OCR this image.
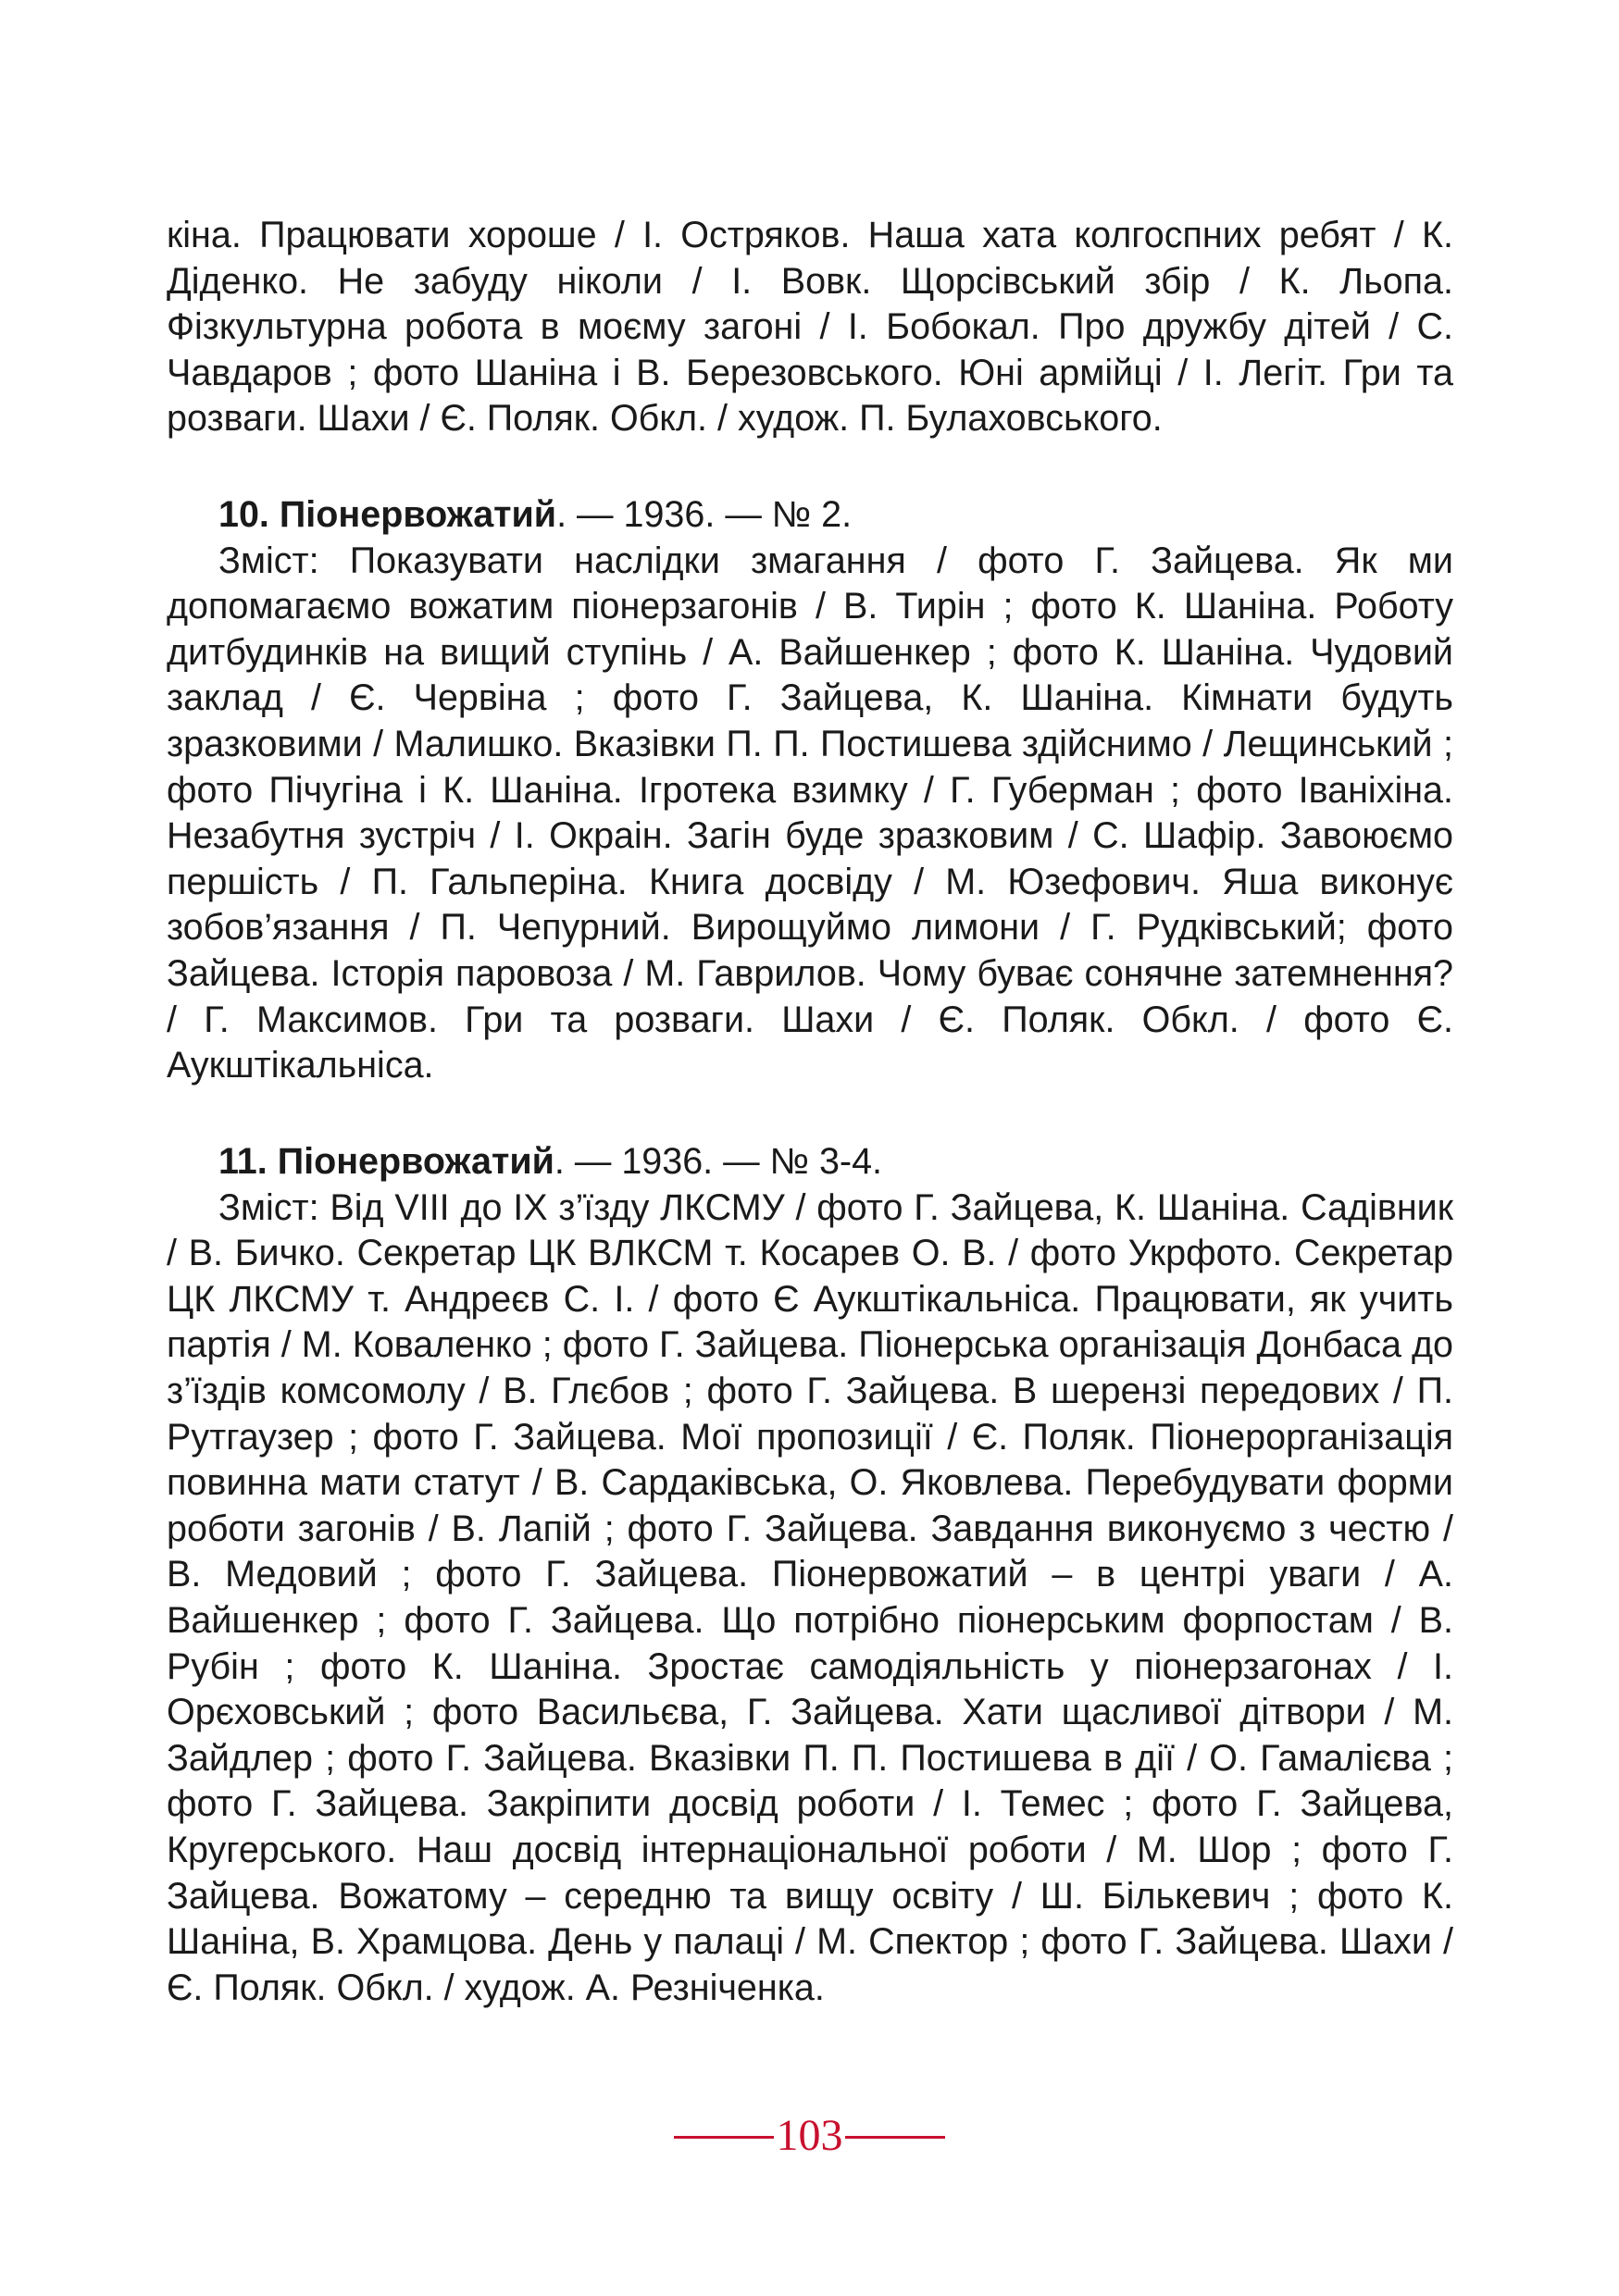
кіна. Працювати хороше / І. Остряков. Наша хата колгоспних ребят / К. Діденко. Не забуду ніколи / І. Вовк. Щорсівський збір / К. Льопа. Фізкультурна робота в моєму загоні / І. Бобокал. Про дружбу дітей / С. Чавдаров ; фото Шаніна і В. Березовського. Юні армійці / І. Легіт. Гри та розваги. Шахи / Є. Поляк. Обкл. / худож. П. Булаховського.

10. Піонервожатий. — 1936. — № 2.
Зміст: Показувати наслідки змагання / фото Г. Зайцева. Як ми допомагаємо вожатим піонерзагонів / В. Тирін ; фото К. Шаніна. Роботу дитбудинків на вищий ступінь / А. Вайшенкер ; фото К. Шаніна. Чудовий заклад / Є. Червіна ; фото Г. Зайцева, К. Шаніна. Кімнати будуть зразковими / Малишко. Вказівки П. П. Постишева здійснимо / Лещинський ; фото Пічугіна і К. Шаніна. Ігротека взимку / Г. Губерман ; фото Іваніхіна. Незабутня зустріч / І. Окраін. Загін буде зразковим / С. Шафір. Завоюємо першість / П. Гальперіна. Книга досвіду / М. Юзефович. Яша виконує зобов’язання / П. Чепурний. Вирощуймо лимони / Г. Рудківський; фото Зайцева. Історія паровоза / М. Гаврилов. Чому буває сонячне затемнення? / Г. Максимов. Гри та розваги. Шахи / Є. Поляк. Обкл. / фото Є. Аукштікальніса.
11. Піонервожатий. — 1936. — № 3-4.
Зміст: Від VIII до IX з’їзду ЛКСМУ / фото Г. Зайцева, К. Шаніна. Садівник / В. Бичко. Секретар ЦК ВЛКСМ т. Косарев О. В. / фото Укрфото. Секретар ЦК ЛКСМУ т. Андреєв С. І. / фото Є Аукштікальніса. Працювати, як учить партія / М. Коваленко ; фото Г. Зайцева. Піонерська організація Донбаса до з’їздів комсомолу / В. Глєбов ; фото Г. Зайцева. В шерензі передових / П. Рутгаузер ; фото Г. Зайцева. Мої пропозиції / Є. Поляк. Піонерорганізація повинна мати статут / В. Сардаківська, О. Яковлева. Перебудувати форми роботи загонів / В. Лапій ; фото Г. Зайцева. Завдання виконуємо з честю / В. Медовий ; фото Г. Зайцева. Піонервожатий – в центрі уваги / А. Вайшенкер ; фото Г. Зайцева. Що потрібно піонерським форпостам / В. Рубін ; фото К. Шаніна. Зростає самодіяльність у піонерзагонах / І. Орєховський ; фото Васильєва, Г. Зайцева. Хати щасливої дітвори / М. Зайдлер ; фото Г. Зайцева. Вказівки П. П. Постишева в дії / О. Гамалієва ; фото Г. Зайцева. Закріпити досвід роботи / І. Темес ; фото Г. Зайцева, Кругерського. Наш досвід інтернаціональної роботи / М. Шор ; фото Г. Зайцева. Вожатому – середню та вищу освіту / Ш. Бількевич ; фото К. Шаніна, В. Храмцова. День у палаці / М. Спектор ; фото Г. Зайцева. Шахи / Є. Поляк. Обкл. / худож. А. Резніченка.
103
